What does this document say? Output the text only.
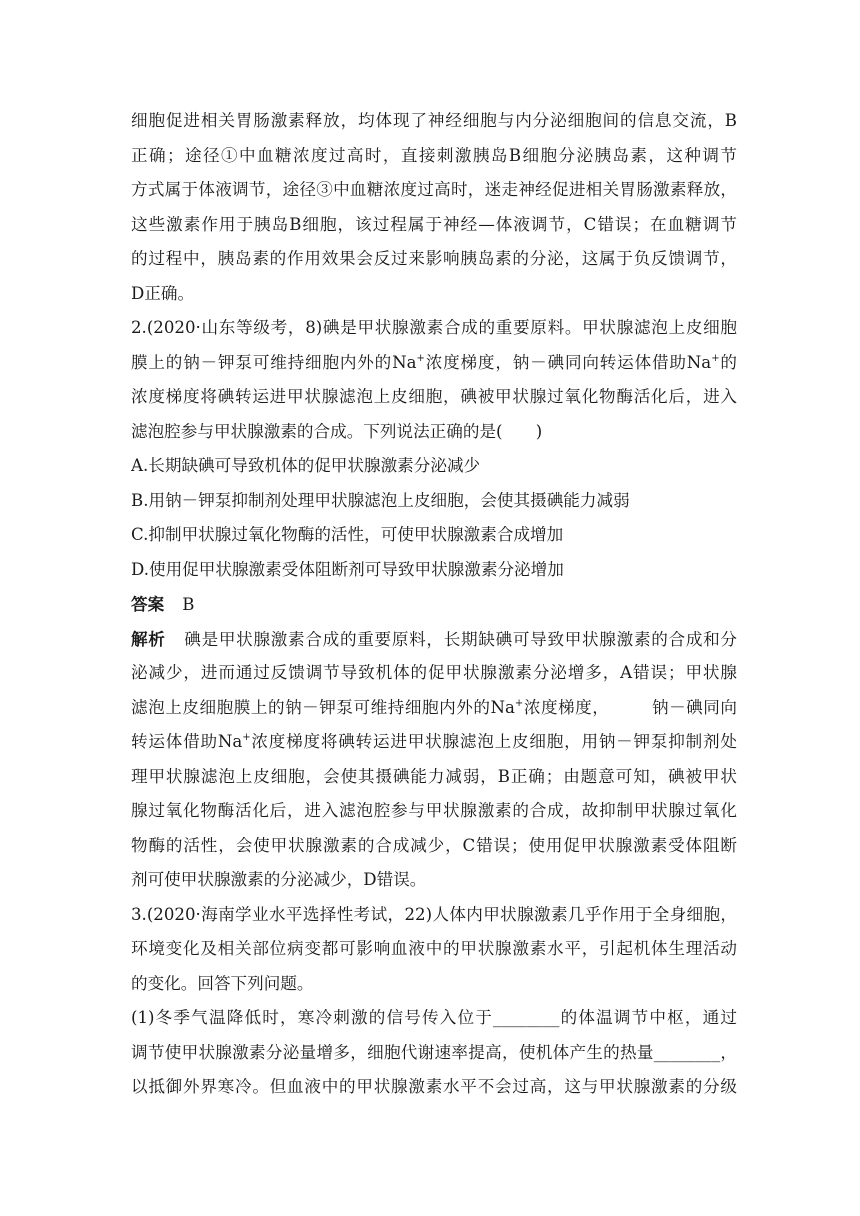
细胞促进相关胃肠激素释放，均体现了神经细胞与内分泌细胞间的信息交流，B
正确；途径①中血糖浓度过高时，直接刺激胰岛B细胞分泌胰岛素，这种调节
方式属于体液调节，途径③中血糖浓度过高时，迷走神经促进相关胃肠激素释放，
这些激素作用于胰岛B细胞，该过程属于神经—体液调节，C错误；在血糖调节
的过程中，胰岛素的作用效果会反过来影响胰岛素的分泌，这属于负反馈调节，
D正确。
2.(2020·山东等级考，8)碘是甲状腺激素合成的重要原料。甲状腺滤泡上皮细胞
膜上的钠－钾泵可维持细胞内外的Na+浓度梯度，钠－碘同向转运体借助Na+的
浓度梯度将碘转运进甲状腺滤泡上皮细胞，碘被甲状腺过氧化物酶活化后，进入
滤泡腔参与甲状腺激素的合成。下列说法正确的是(　　)
A.长期缺碘可导致机体的促甲状腺激素分泌减少
B.用钠－钾泵抑制剂处理甲状腺滤泡上皮细胞，会使其摄碘能力减弱
C.抑制甲状腺过氧化物酶的活性，可使甲状腺激素合成增加
D.使用促甲状腺激素受体阻断剂可导致甲状腺激素分泌增加
答案 B
解析 碘是甲状腺激素合成的重要原料，长期缺碘可导致甲状腺激素的合成和分
泌减少，进而通过反馈调节导致机体的促甲状腺激素分泌增多，A错误；甲状腺
滤泡上皮细胞膜上的钠－钾泵可维持细胞内外的Na+浓度梯度，	钠－碘同向
转运体借助Na+浓度梯度将碘转运进甲状腺滤泡上皮细胞，用钠－钾泵抑制剂处
理甲状腺滤泡上皮细胞，会使其摄碘能力减弱，B正确；由题意可知，碘被甲状
腺过氧化物酶活化后，进入滤泡腔参与甲状腺激素的合成，故抑制甲状腺过氧化
物酶的活性，会使甲状腺激素的合成减少，C错误；使用促甲状腺激素受体阻断
剂可使甲状腺激素的分泌减少，D错误。
3.(2020·海南学业水平选择性考试，22)人体内甲状腺激素几乎作用于全身细胞，
环境变化及相关部位病变都可影响血液中的甲状腺激素水平，引起机体生理活动
的变化。回答下列问题。
(1)冬季气温降低时，寒冷刺激的信号传入位于________的体温调节中枢，通过
调节使甲状腺激素分泌量增多，细胞代谢速率提高，使机体产生的热量________，
以抵御外界寒冷。但血液中的甲状腺激素水平不会过高，这与甲状腺激素的分级
